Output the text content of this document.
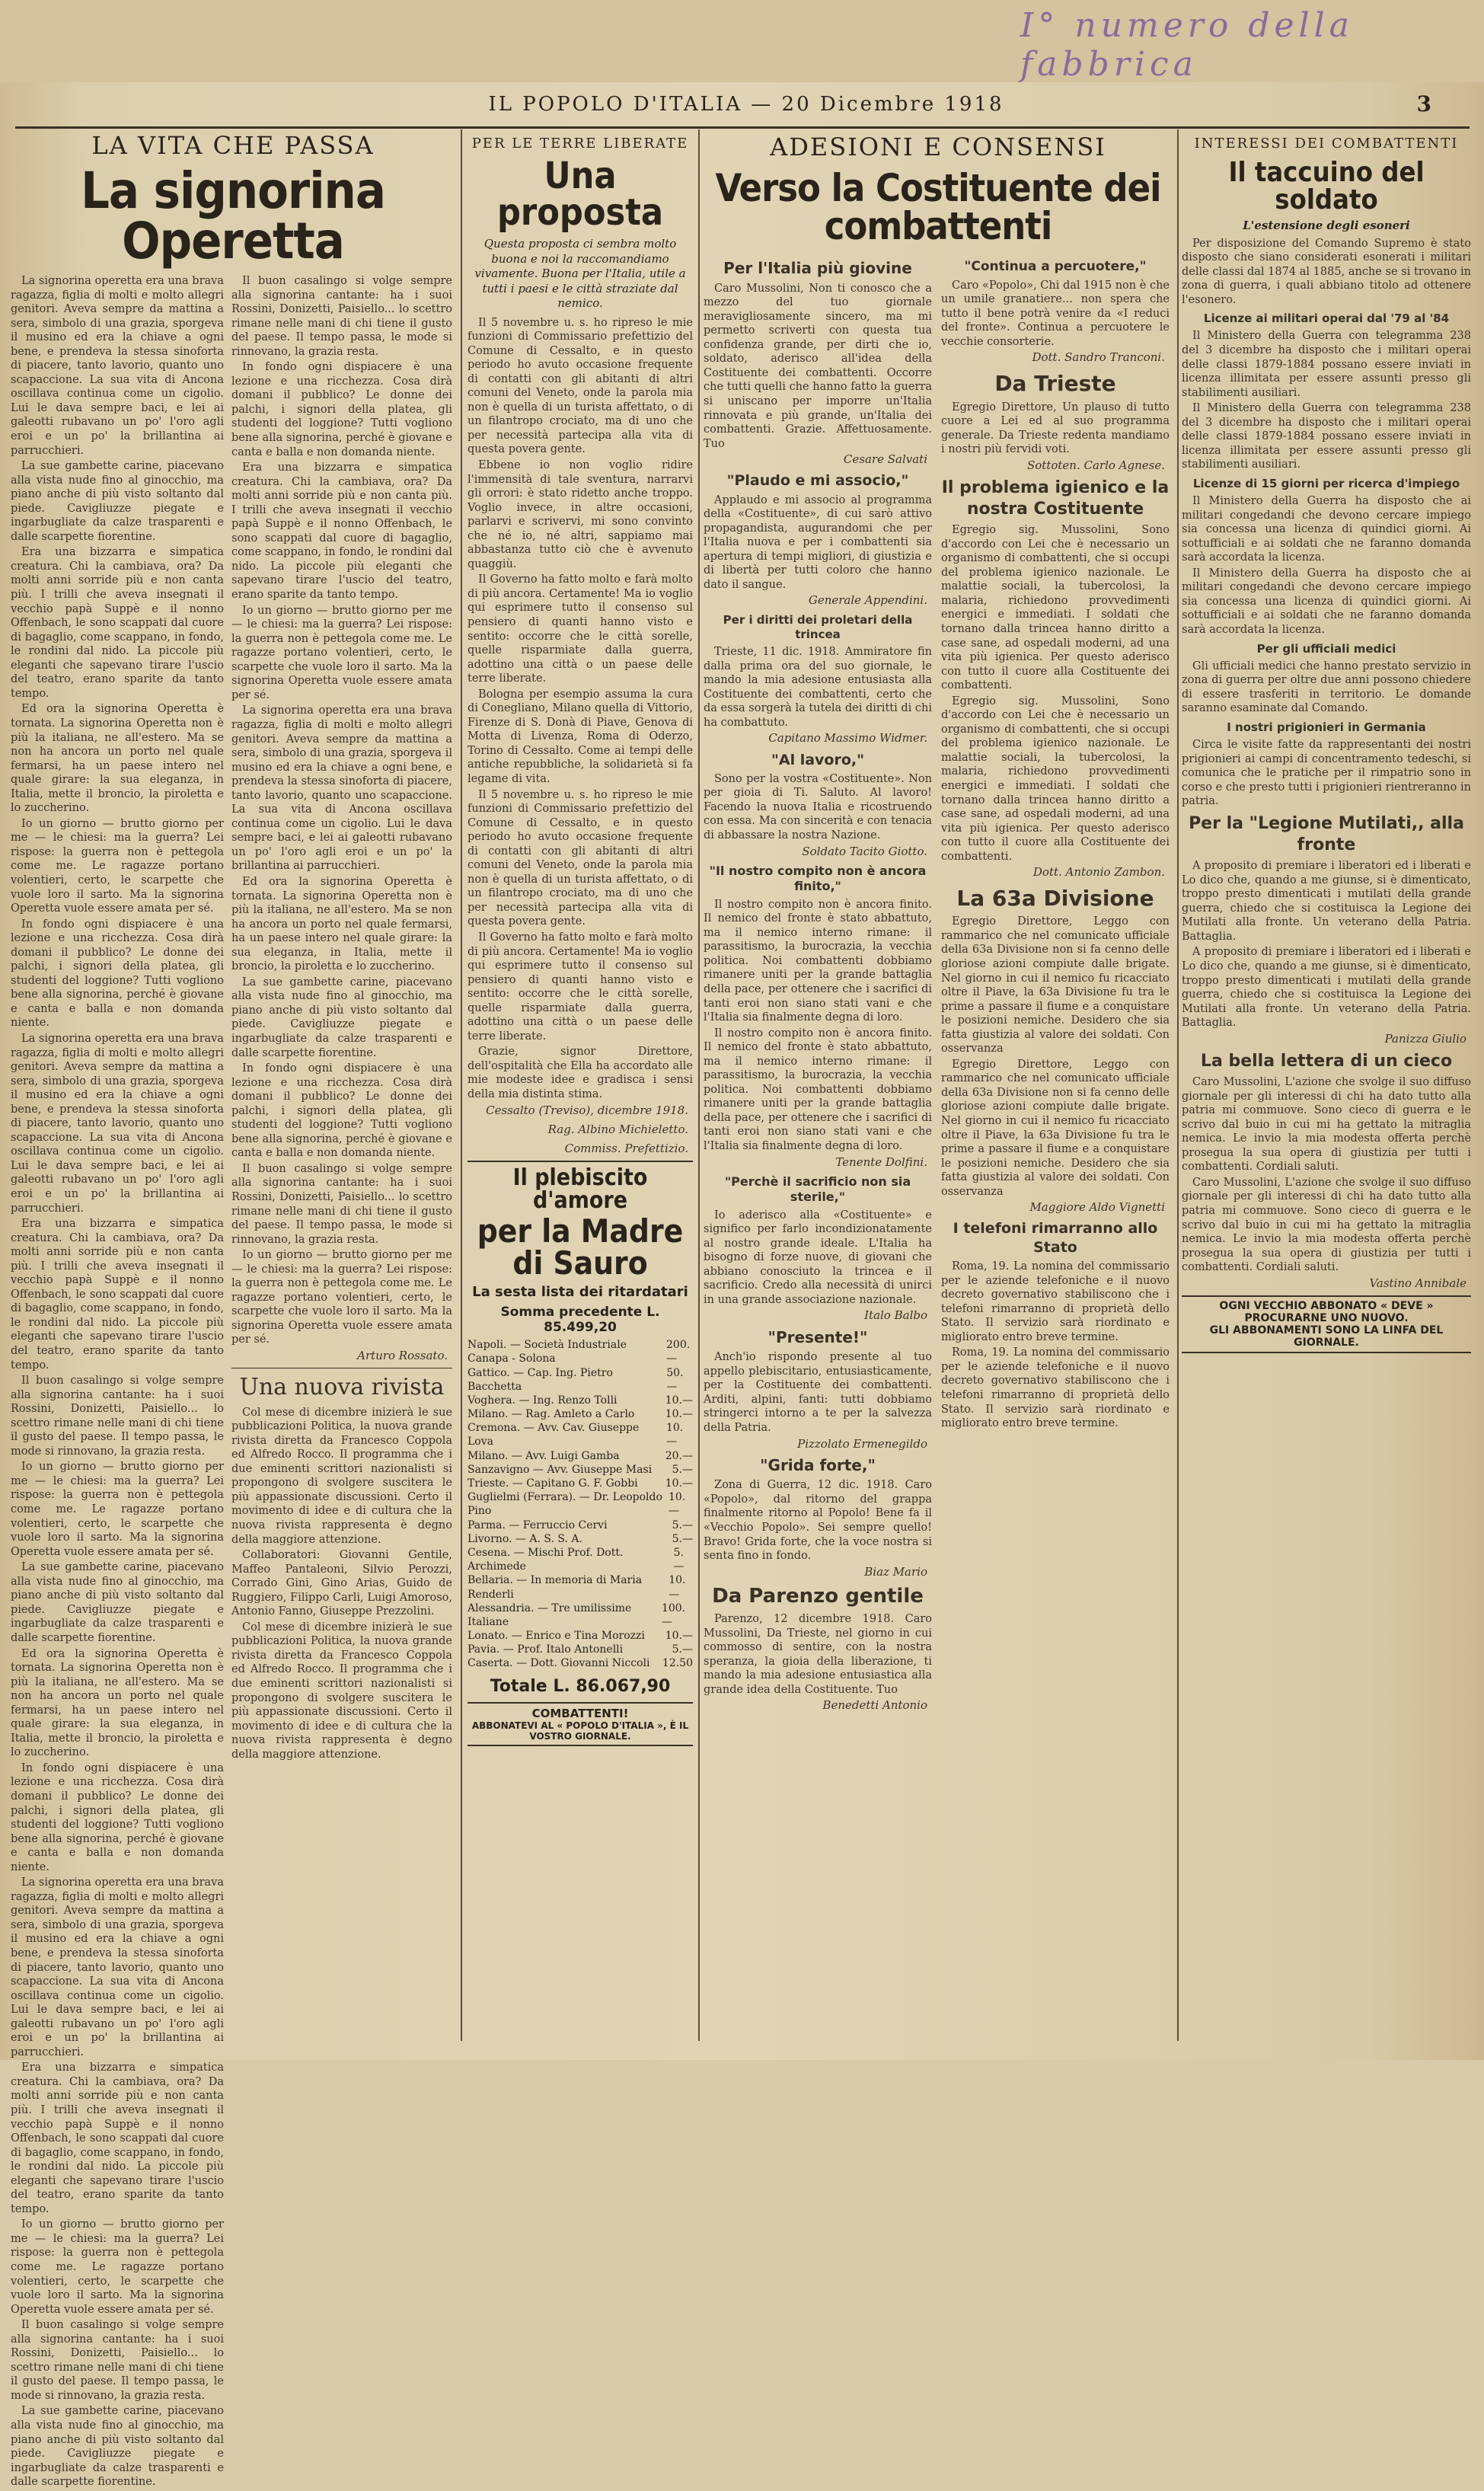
I° numero della fabbrica
IL POPOLO D'ITALIA — 20 Dicembre 1918	3
LA VITA CHE PASSA
La signorina Operetta

La signorina operetta era una brava ragazza, figlia di molti e molto allegri genitori. Aveva sempre da mattina a sera, simbolo di una grazia, sporgeva il musino ed era la chiave a ogni bene, e prendeva la stessa sinoforta di piacere, tanto lavorio, quanto uno scapaccione. La sua vita di Ancona oscillava continua come un cigolio. Lui le dava sempre baci, e lei ai galeotti rubavano un po' l'oro agli eroi e un po' la brillantina ai parrucchieri.

La sue gambette carine, piacevano alla vista nude fino al ginocchio, ma piano anche di più visto soltanto dal piede. Cavigliuzze piegate e ingarbugliate da calze trasparenti e dalle scarpette fiorentine.

Era una bizzarra e simpatica creatura. Chi la cambiava, ora? Da molti anni sorride più e non canta più. I trilli che aveva insegnati il vecchio papà Suppè e il nonno Offenbach, le sono scappati dal cuore di bagaglio, come scappano, in fondo, le rondini dal nido. La piccole più eleganti che sapevano tirare l'uscio del teatro, erano sparite da tanto tempo.

Ed ora la signorina Operetta è tornata. La signorina Operetta non è più la italiana, ne all'estero. Ma se non ha ancora un porto nel quale fermarsi, ha un paese intero nel quale girare: la sua eleganza, in Italia, mette il broncio, la piroletta e lo zuccherino.

Io un giorno — brutto giorno per me — le chiesi: ma la guerra? Lei rispose: la guerra non è pettegola come me. Le ragazze portano volentieri, certo, le scarpette che vuole loro il sarto. Ma la signorina Operetta vuole essere amata per sé.

In fondo ogni dispiacere è una lezione e una ricchezza. Cosa dirà domani il pubblico? Le donne dei palchi, i signori della platea, gli studenti del loggione? Tutti vogliono bene alla signorina, perché è giovane e canta e balla e non domanda niente.

La signorina operetta era una brava ragazza, figlia di molti e molto allegri genitori. Aveva sempre da mattina a sera, simbolo di una grazia, sporgeva il musino ed era la chiave a ogni bene, e prendeva la stessa sinoforta di piacere, tanto lavorio, quanto uno scapaccione. La sua vita di Ancona oscillava continua come un cigolio. Lui le dava sempre baci, e lei ai galeotti rubavano un po' l'oro agli eroi e un po' la brillantina ai parrucchieri.

Era una bizzarra e simpatica creatura. Chi la cambiava, ora? Da molti anni sorride più e non canta più. I trilli che aveva insegnati il vecchio papà Suppè e il nonno Offenbach, le sono scappati dal cuore di bagaglio, come scappano, in fondo, le rondini dal nido. La piccole più eleganti che sapevano tirare l'uscio del teatro, erano sparite da tanto tempo.

Il buon casalingo si volge sempre alla signorina cantante: ha i suoi Rossini, Donizetti, Paisiello... lo scettro rimane nelle mani di chi tiene il gusto del paese. Il tempo passa, le mode si rinnovano, la grazia resta.

Io un giorno — brutto giorno per me — le chiesi: ma la guerra? Lei rispose: la guerra non è pettegola come me. Le ragazze portano volentieri, certo, le scarpette che vuole loro il sarto. Ma la signorina Operetta vuole essere amata per sé.

La sue gambette carine, piacevano alla vista nude fino al ginocchio, ma piano anche di più visto soltanto dal piede. Cavigliuzze piegate e ingarbugliate da calze trasparenti e dalle scarpette fiorentine.

Ed ora la signorina Operetta è tornata. La signorina Operetta non è più la italiana, ne all'estero. Ma se non ha ancora un porto nel quale fermarsi, ha un paese intero nel quale girare: la sua eleganza, in Italia, mette il broncio, la piroletta e lo zuccherino.

In fondo ogni dispiacere è una lezione e una ricchezza. Cosa dirà domani il pubblico? Le donne dei palchi, i signori della platea, gli studenti del loggione? Tutti vogliono bene alla signorina, perché è giovane e canta e balla e non domanda niente.

La signorina operetta era una brava ragazza, figlia di molti e molto allegri genitori. Aveva sempre da mattina a sera, simbolo di una grazia, sporgeva il musino ed era la chiave a ogni bene, e prendeva la stessa sinoforta di piacere, tanto lavorio, quanto uno scapaccione. La sua vita di Ancona oscillava continua come un cigolio. Lui le dava sempre baci, e lei ai galeotti rubavano un po' l'oro agli eroi e un po' la brillantina ai parrucchieri.

Era una bizzarra e simpatica creatura. Chi la cambiava, ora? Da molti anni sorride più e non canta più. I trilli che aveva insegnati il vecchio papà Suppè e il nonno Offenbach, le sono scappati dal cuore di bagaglio, come scappano, in fondo, le rondini dal nido. La piccole più eleganti che sapevano tirare l'uscio del teatro, erano sparite da tanto tempo.

Io un giorno — brutto giorno per me — le chiesi: ma la guerra? Lei rispose: la guerra non è pettegola come me. Le ragazze portano volentieri, certo, le scarpette che vuole loro il sarto. Ma la signorina Operetta vuole essere amata per sé.

Il buon casalingo si volge sempre alla signorina cantante: ha i suoi Rossini, Donizetti, Paisiello... lo scettro rimane nelle mani di chi tiene il gusto del paese. Il tempo passa, le mode si rinnovano, la grazia resta.

La sue gambette carine, piacevano alla vista nude fino al ginocchio, ma piano anche di più visto soltanto dal piede. Cavigliuzze piegate e ingarbugliate da calze trasparenti e dalle scarpette fiorentine.

Il buon casalingo si volge sempre alla signorina cantante: ha i suoi Rossini, Donizetti, Paisiello... lo scettro rimane nelle mani di chi tiene il gusto del paese. Il tempo passa, le mode si rinnovano, la grazia resta.

In fondo ogni dispiacere è una lezione e una ricchezza. Cosa dirà domani il pubblico? Le donne dei palchi, i signori della platea, gli studenti del loggione? Tutti vogliono bene alla signorina, perché è giovane e canta e balla e non domanda niente.

Era una bizzarra e simpatica creatura. Chi la cambiava, ora? Da molti anni sorride più e non canta più. I trilli che aveva insegnati il vecchio papà Suppè e il nonno Offenbach, le sono scappati dal cuore di bagaglio, come scappano, in fondo, le rondini dal nido. La piccole più eleganti che sapevano tirare l'uscio del teatro, erano sparite da tanto tempo.

Io un giorno — brutto giorno per me — le chiesi: ma la guerra? Lei rispose: la guerra non è pettegola come me. Le ragazze portano volentieri, certo, le scarpette che vuole loro il sarto. Ma la signorina Operetta vuole essere amata per sé.

La signorina operetta era una brava ragazza, figlia di molti e molto allegri genitori. Aveva sempre da mattina a sera, simbolo di una grazia, sporgeva il musino ed era la chiave a ogni bene, e prendeva la stessa sinoforta di piacere, tanto lavorio, quanto uno scapaccione. La sua vita di Ancona oscillava continua come un cigolio. Lui le dava sempre baci, e lei ai galeotti rubavano un po' l'oro agli eroi e un po' la brillantina ai parrucchieri.

Ed ora la signorina Operetta è tornata. La signorina Operetta non è più la italiana, ne all'estero. Ma se non ha ancora un porto nel quale fermarsi, ha un paese intero nel quale girare: la sua eleganza, in Italia, mette il broncio, la piroletta e lo zuccherino.

La sue gambette carine, piacevano alla vista nude fino al ginocchio, ma piano anche di più visto soltanto dal piede. Cavigliuzze piegate e ingarbugliate da calze trasparenti e dalle scarpette fiorentine.

In fondo ogni dispiacere è una lezione e una ricchezza. Cosa dirà domani il pubblico? Le donne dei palchi, i signori della platea, gli studenti del loggione? Tutti vogliono bene alla signorina, perché è giovane e canta e balla e non domanda niente.

Il buon casalingo si volge sempre alla signorina cantante: ha i suoi Rossini, Donizetti, Paisiello... lo scettro rimane nelle mani di chi tiene il gusto del paese. Il tempo passa, le mode si rinnovano, la grazia resta.

Io un giorno — brutto giorno per me — le chiesi: ma la guerra? Lei rispose: la guerra non è pettegola come me. Le ragazze portano volentieri, certo, le scarpette che vuole loro il sarto. Ma la signorina Operetta vuole essere amata per sé.

Arturo Rossato.
Una nuova rivista

Col mese di dicembre inizierà le sue pubblicazioni Politica, la nuova grande rivista diretta da Francesco Coppola ed Alfredo Rocco. Il programma che i due eminenti scrittori nazionalisti si propongono di svolgere suscitera le più appassionate discussioni. Certo il movimento di idee e di cultura che la nuova rivista rappresenta è degno della maggiore attenzione.

Collaboratori: Giovanni Gentile, Maffeo Pantaleoni, Silvio Perozzi, Corrado Gini, Gino Arias, Guido de Ruggiero, Filippo Carli, Luigi Amoroso, Antonio Fanno, Giuseppe Prezzolini.

Col mese di dicembre inizierà le sue pubblicazioni Politica, la nuova grande rivista diretta da Francesco Coppola ed Alfredo Rocco. Il programma che i due eminenti scrittori nazionalisti si propongono di svolgere suscitera le più appassionate discussioni. Certo il movimento di idee e di cultura che la nuova rivista rappresenta è degno della maggiore attenzione.

PER LE TERRE LIBERATE
Una proposta
Questa proposta ci sembra molto buona e noi la raccomandiamo vivamente. Buona per l'Italia, utile a tutti i paesi e le città straziate dal nemico.

Il 5 novembre u. s. ho ripreso le mie funzioni di Commissario prefettizio del Comune di Cessalto, e in questo periodo ho avuto occasione frequente di contatti con gli abitanti di altri comuni del Veneto, onde la parola mia non è quella di un turista affettato, o di un filantropo crociato, ma di uno che per necessità partecipa alla vita di questa povera gente.

Ebbene io non voglio ridire l'immensità di tale sventura, narrarvi gli orrori: è stato ridetto anche troppo. Voglio invece, in altre occasioni, parlarvi e scrivervi, mi sono convinto che né io, né altri, sappiamo mai abbastanza tutto ciò che è avvenuto quaggiù.

Il Governo ha fatto molto e farà molto di più ancora. Certamente! Ma io voglio qui esprimere tutto il consenso sul pensiero di quanti hanno visto e sentito: occorre che le città sorelle, quelle risparmiate dalla guerra, adottino una città o un paese delle terre liberate.

Bologna per esempio assuma la cura di Conegliano, Milano quella di Vittorio, Firenze di S. Donà di Piave, Genova di Motta di Livenza, Roma di Oderzo, Torino di Cessalto. Come ai tempi delle antiche repubbliche, la solidarietà si fa legame di vita.

Il 5 novembre u. s. ho ripreso le mie funzioni di Commissario prefettizio del Comune di Cessalto, e in questo periodo ho avuto occasione frequente di contatti con gli abitanti di altri comuni del Veneto, onde la parola mia non è quella di un turista affettato, o di un filantropo crociato, ma di uno che per necessità partecipa alla vita di questa povera gente.

Il Governo ha fatto molto e farà molto di più ancora. Certamente! Ma io voglio qui esprimere tutto il consenso sul pensiero di quanti hanno visto e sentito: occorre che le città sorelle, quelle risparmiate dalla guerra, adottino una città o un paese delle terre liberate.

Grazie, signor Direttore, dell'ospitalità che Ella ha accordato alle mie modeste idee e gradisca i sensi della mia distinta stima.

Cessalto (Treviso), dicembre 1918.
Rag. Albino Michieletto.
Commiss. Prefettizio.
Il plebiscito d'amore
per la Madre di Sauro
La sesta lista dei ritardatari
Somma precedente L. 85.499,20
Napoli. — Società Industriale Canapa - Solona
200.—
Gattico. — Cap. Ing. Pietro Bacchetta
50.—
Voghera. — Ing. Renzo Tolli	10.—
Milano. — Rag. Amleto a Carlo	10.—
Cremona. — Avv. Cav. Giuseppe Lova
10.—
Milano. — Avv. Luigi Gamba	20.—
Sanzavigno — Avv. Giuseppe Masi 5.—
Trieste. — Capitano G. F. Gobbi	10.—
Guglielmi (Ferrara). — Dr. Leopoldo Pino
10.—
Parma. — Ferruccio Cervi	5.—
Livorno. — A. S. S. A.	5.—
Cesena. — Mischi Prof. Dott. Archimede
5.—
Bellaria. — In memoria di Maria Renderli
10.—
Alessandria. — Tre umilissime Italiane
100.—
Lonato. — Enrico e Tina Morozzi 10.—
Pavia. — Prof. Italo Antonelli	5.—
Caserta. — Dott. Giovanni Niccoli 12.50
Totale L. 86.067,90
COMBATTENTI!
ABBONATEVI AL « POPOLO D'ITALIA », È IL VOSTRO GIORNALE.
ADESIONI E CONSENSI
Verso la Costituente dei combattenti
Per l'Italia più giovine

Caro Mussolini, Non ti conosco che a mezzo del tuo giornale meravigliosamente sincero, ma mi permetto scriverti con questa tua confidenza grande, per dirti che io, soldato, aderisco all'idea della Costituente dei combattenti. Occorre che tutti quelli che hanno fatto la guerra si uniscano per imporre un'Italia rinnovata e più grande, un'Italia dei combattenti. Grazie. Affettuosamente. Tuo

Cesare Salvati
"Plaudo e mi associo,"

Applaudo e mi associo al programma della «Costituente», di cui sarò attivo propagandista, augurandomi che per l'Italia nuova e per i combattenti sia apertura di tempi migliori, di giustizia e di libertà per tutti coloro che hanno dato il sangue.

Generale Appendini.
Per i diritti dei proletari della trincea

Trieste, 11 dic. 1918. Ammiratore fin dalla prima ora del suo giornale, le mando la mia adesione entusiasta alla Costituente dei combattenti, certo che da essa sorgerà la tutela dei diritti di chi ha combattuto.

Capitano Massimo Widmer.
"Al lavoro,"

Sono per la vostra «Costituente». Non per gioia di Ti. Saluto. Al lavoro! Facendo la nuova Italia e ricostruendo con essa. Ma con sincerità e con tenacia di abbassare la nostra Nazione.

Soldato Tacito Giotto.
"Il nostro compito non è ancora finito,"

Il nostro compito non è ancora finito. Il nemico del fronte è stato abbattuto, ma il nemico interno rimane: il parassitismo, la burocrazia, la vecchia politica. Noi combattenti dobbiamo rimanere uniti per la grande battaglia della pace, per ottenere che i sacrifici di tanti eroi non siano stati vani e che l'Italia sia finalmente degna di loro.

Il nostro compito non è ancora finito. Il nemico del fronte è stato abbattuto, ma il nemico interno rimane: il parassitismo, la burocrazia, la vecchia politica. Noi combattenti dobbiamo rimanere uniti per la grande battaglia della pace, per ottenere che i sacrifici di tanti eroi non siano stati vani e che l'Italia sia finalmente degna di loro.

Tenente Dolfini.
"Perchè il sacrificio non sia sterile,"

Io aderisco alla «Costituente» e significo per farlo incondizionatamente al nostro grande ideale. L'Italia ha bisogno di forze nuove, di giovani che abbiano conosciuto la trincea e il sacrificio. Credo alla necessità di unirci in una grande associazione nazionale.

Italo Balbo
"Presente!"

Anch'io rispondo presente al tuo appello plebiscitario, entusiasticamente, per la Costituente dei combattenti. Arditi, alpini, fanti: tutti dobbiamo stringerci intorno a te per la salvezza della Patria.

Pizzolato Ermenegildo
"Grida forte,"

Zona di Guerra, 12 dic. 1918. Caro «Popolo», dal ritorno del grappa finalmente ritorno al Popolo! Bene fa il «Vecchio Popolo». Sei sempre quello! Bravo! Grida forte, che la voce nostra si senta fino in fondo.

Biaz Mario
Da Parenzo gentile

Parenzo, 12 dicembre 1918. Caro Mussolini, Da Trieste, nel giorno in cui commosso di sentire, con la nostra speranza, la gioia della liberazione, ti mando la mia adesione entusiastica alla grande idea della Costituente. Tuo

Benedetti Antonio
"Continua a percuotere,"

Caro «Popolo», Chi dal 1915 non è che un umile granatiere... non spera che tutto il bene potrà venire da «I reduci del fronte». Continua a percuotere le vecchie consorterie.

Dott. Sandro Tranconi.
Da Trieste

Egregio Direttore, Un plauso di tutto cuore a Lei ed al suo programma generale. Da Trieste redenta mandiamo i nostri più fervidi voti.

Sottoten. Carlo Agnese.
Il problema igienico e la nostra Costituente

Egregio sig. Mussolini, Sono d'accordo con Lei che è necessario un organismo di combattenti, che si occupi del problema igienico nazionale. Le malattie sociali, la tubercolosi, la malaria, richiedono provvedimenti energici e immediati. I soldati che tornano dalla trincea hanno diritto a case sane, ad ospedali moderni, ad una vita più igienica. Per questo aderisco con tutto il cuore alla Costituente dei combattenti.

Egregio sig. Mussolini, Sono d'accordo con Lei che è necessario un organismo di combattenti, che si occupi del problema igienico nazionale. Le malattie sociali, la tubercolosi, la malaria, richiedono provvedimenti energici e immediati. I soldati che tornano dalla trincea hanno diritto a case sane, ad ospedali moderni, ad una vita più igienica. Per questo aderisco con tutto il cuore alla Costituente dei combattenti.

Dott. Antonio Zambon.
La 63a Divisione

Egregio Direttore, Leggo con rammarico che nel comunicato ufficiale della 63a Divisione non si fa cenno delle gloriose azioni compiute dalle brigate. Nel giorno in cui il nemico fu ricacciato oltre il Piave, la 63a Divisione fu tra le prime a passare il fiume e a conquistare le posizioni nemiche. Desidero che sia fatta giustizia al valore dei soldati. Con osservanza

Egregio Direttore, Leggo con rammarico che nel comunicato ufficiale della 63a Divisione non si fa cenno delle gloriose azioni compiute dalle brigate. Nel giorno in cui il nemico fu ricacciato oltre il Piave, la 63a Divisione fu tra le prime a passare il fiume e a conquistare le posizioni nemiche. Desidero che sia fatta giustizia al valore dei soldati. Con osservanza

Maggiore Aldo Vignetti
I telefoni rimarranno allo Stato

Roma, 19. La nomina del commissario per le aziende telefoniche e il nuovo decreto governativo stabiliscono che i telefoni rimarranno di proprietà dello Stato. Il servizio sarà riordinato e migliorato entro breve termine.

Roma, 19. La nomina del commissario per le aziende telefoniche e il nuovo decreto governativo stabiliscono che i telefoni rimarranno di proprietà dello Stato. Il servizio sarà riordinato e migliorato entro breve termine.

INTERESSI DEI COMBATTENTI
Il taccuino del soldato
L'estensione degli esoneri

Per disposizione del Comando Supremo è stato disposto che siano considerati esonerati i militari delle classi dal 1874 al 1885, anche se si trovano in zona di guerra, i quali abbiano titolo ad ottenere l'esonero.

Licenze ai militari operai dal '79 al '84

Il Ministero della Guerra con telegramma 238 del 3 dicembre ha disposto che i militari operai delle classi 1879-1884 possano essere inviati in licenza illimitata per essere assunti presso gli stabilimenti ausiliari.

Il Ministero della Guerra con telegramma 238 del 3 dicembre ha disposto che i militari operai delle classi 1879-1884 possano essere inviati in licenza illimitata per essere assunti presso gli stabilimenti ausiliari.

Licenze di 15 giorni per ricerca d'impiego

Il Ministero della Guerra ha disposto che ai militari congedandi che devono cercare impiego sia concessa una licenza di quindici giorni. Ai sottufficiali e ai soldati che ne faranno domanda sarà accordata la licenza.

Il Ministero della Guerra ha disposto che ai militari congedandi che devono cercare impiego sia concessa una licenza di quindici giorni. Ai sottufficiali e ai soldati che ne faranno domanda sarà accordata la licenza.

Per gli ufficiali medici

Gli ufficiali medici che hanno prestato servizio in zona di guerra per oltre due anni possono chiedere di essere trasferiti in territorio. Le domande saranno esaminate dal Comando.

I nostri prigionieri in Germania

Circa le visite fatte da rappresentanti dei nostri prigionieri ai campi di concentramento tedeschi, si comunica che le pratiche per il rimpatrio sono in corso e che presto tutti i prigionieri rientreranno in patria.

Per la "Legione Mutilati,, alla fronte

A proposito di premiare i liberatori ed i liberati e Lo dico che, quando a me giunse, si è dimenticato, troppo presto dimenticati i mutilati della grande guerra, chiedo che si costituisca la Legione dei Mutilati alla fronte. Un veterano della Patria. Battaglia.

A proposito di premiare i liberatori ed i liberati e Lo dico che, quando a me giunse, si è dimenticato, troppo presto dimenticati i mutilati della grande guerra, chiedo che si costituisca la Legione dei Mutilati alla fronte. Un veterano della Patria. Battaglia.

Panizza Giulio
La bella lettera di un cieco

Caro Mussolini, L'azione che svolge il suo diffuso giornale per gli interessi di chi ha dato tutto alla patria mi commuove. Sono cieco di guerra e le scrivo dal buio in cui mi ha gettato la mitraglia nemica. Le invio la mia modesta offerta perchè prosegua la sua opera di giustizia per tutti i combattenti. Cordiali saluti.

Caro Mussolini, L'azione che svolge il suo diffuso giornale per gli interessi di chi ha dato tutto alla patria mi commuove. Sono cieco di guerra e le scrivo dal buio in cui mi ha gettato la mitraglia nemica. Le invio la mia modesta offerta perchè prosegua la sua opera di giustizia per tutti i combattenti. Cordiali saluti.

Vastino Annibale
OGNI VECCHIO ABBONATO « DEVE » PROCURARNE UNO NUOVO.
GLI ABBONAMENTI SONO LA LINFA DEL GIORNALE.
